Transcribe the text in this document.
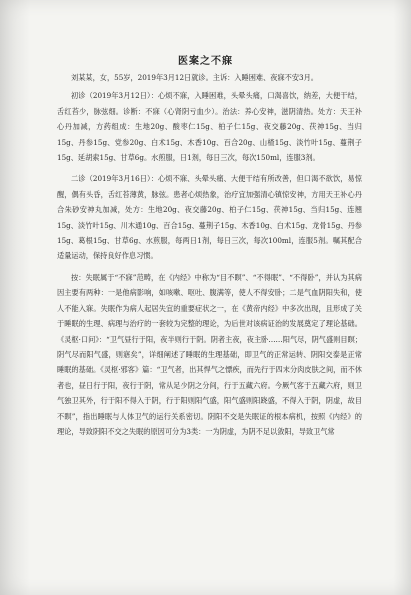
医案之不寐

刘某某，女，55岁，2019年3月12日就诊。主诉：入睡困难、夜寐不安3月。

初诊（2019年3月12日）：心烦不寐，入睡困难，头晕头痛，口渴喜饮，纳差，大便干结，舌红苔少，脉弦细。诊断：不寐（心肾阴亏血少）。治法：养心安神，滋阴清热。处方：天王补心丹加减，方药组成：生地20g、酸枣仁15g、柏子仁15g、夜交藤20g、茯神15g、当归15g、丹参15g、党参20g、白术15g、木香10g、百合20g、山楂15g、淡竹叶15g、蔓荆子15g、延胡索15g、甘草6g。水煎服，日1剂，每日三次，每次150ml，连服3剂。

二诊（2019年3月16日）：心烦不寐、头晕头痛、大便干结有所改善，但口渴不欲饮，易惊醒，偶有头昏，舌红苔薄黄，脉弦。患者心烦热象，治疗宜加强清心镇惊安神，方用天王补心丹合朱砂安神丸加减，处方：生地20g、夜交藤20g、柏子仁15g、茯神15g、当归15g、连翘15g、淡竹叶15g、川木通10g、百合15g、蔓荆子15g、木香10g、白术15g、龙骨15g、丹参15g、葛根15g、甘草6g、水煎服，每两日1剂，每日三次，每次100ml，连服5剂。嘱其配合适量运动，保持良好作息习惯。

按：失眠属于“不寐”范畴，在《内经》中称为“目不瞑”、“不得眠”、“不得卧”，并认为其病因主要有两种：一是他病影响，如咳嗽、呕吐、腹满等，使人不得安卧；二是气血阴阳失和，使人不能入寐。失眠作为病人起居失宜的重要症状之一，在《黄帝内经》中多次出现，且形成了关于睡眠的生理、病理与治疗的一套较为完整的理论，为后世对该病证治的发展奠定了理论基础。《灵枢·口问》：“卫气昼行于阳，夜半则行于阴。阴者主夜，夜主卧……阳气尽，阴气盛则目瞑；阴气尽而阳气盛，则寤矣”，详细阐述了睡眠的生理基础，即卫气的正常运转、阴阳交泰是正常睡眠的基础。《灵枢·邪客》篇：“卫气者，出其悍气之慓疾，而先行于四末分肉皮肤之间，而不休者也，昼日行于阳，夜行于阴，常从足少阴之分间，行于五藏六府。今厥气客于五藏六府，则卫气独卫其外，行于阳不得入于阴，行于阳则阳气盛，阳气盛则阳跷盛，不得入于阴，阴虚，故目不瞑”，指出睡眠与人体卫气的运行关系密切。阴阳不交是失眠证的根本病机，按照《内经》的理论，导致阴阳不交之失眠的原因可分为3类：一为阴虚，为阴不足以敛阳，导致卫气常
